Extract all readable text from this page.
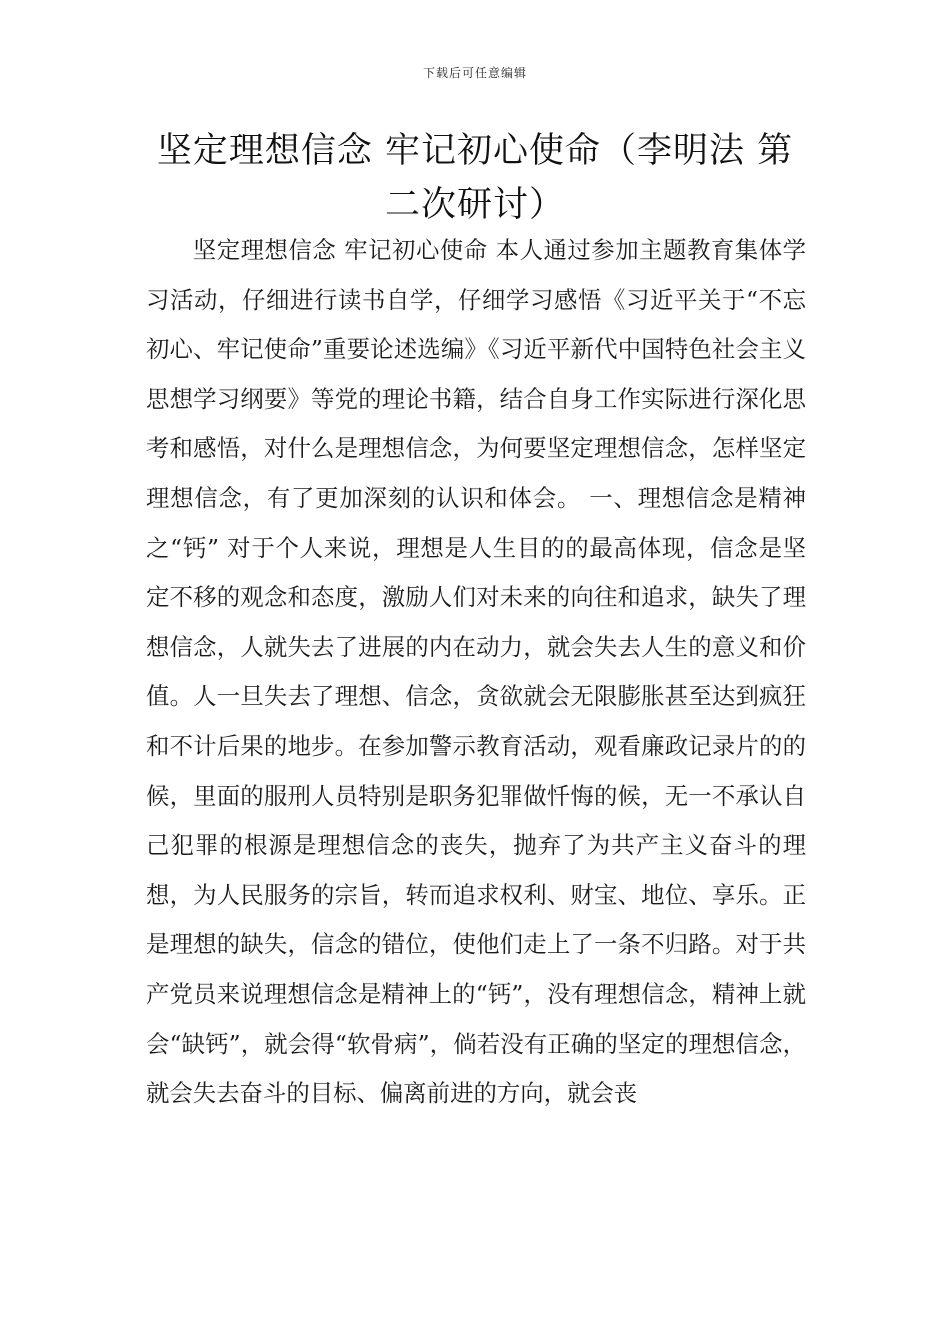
下载后可任意编辑
坚定理想信念 牢记初心使命（李明法 第二次研讨）

坚定理想信念 牢记初心使命 本人通过参加主题教育集体学习活动，仔细进行读书自学，仔细学习感悟《习近平关于“不忘初心、牢记使命”重要论述选编》《习近平新代中国特色社会主义思想学习纲要》等党的理论书籍，结合自身工作实际进行深化思考和感悟，对什么是理想信念，为何要坚定理想信念，怎样坚定理想信念，有了更加深刻的认识和体会。 一、理想信念是精神之“钙” 对于个人来说，理想是人生目的的最高体现，信念是坚定不移的观念和态度，激励人们对未来的向往和追求，缺失了理想信念，人就失去了进展的内在动力，就会失去人生的意义和价值。人一旦失去了理想、信念，贪欲就会无限膨胀甚至达到疯狂和不计后果的地步。在参加警示教育活动，观看廉政记录片的的候，里面的服刑人员特别是职务犯罪做忏悔的候，无一不承认自己犯罪的根源是理想信念的丧失，抛弃了为共产主义奋斗的理想，为人民服务的宗旨，转而追求权利、财宝、地位、享乐。正是理想的缺失，信念的错位，使他们走上了一条不归路。对于共产党员来说理想信念是精神上的“钙”，没有理想信念，精神上就会“缺钙”，就会得“软骨病”，倘若没有正确的坚定的理想信念，就会失去奋斗的目标、偏离前进的方向，就会丧
